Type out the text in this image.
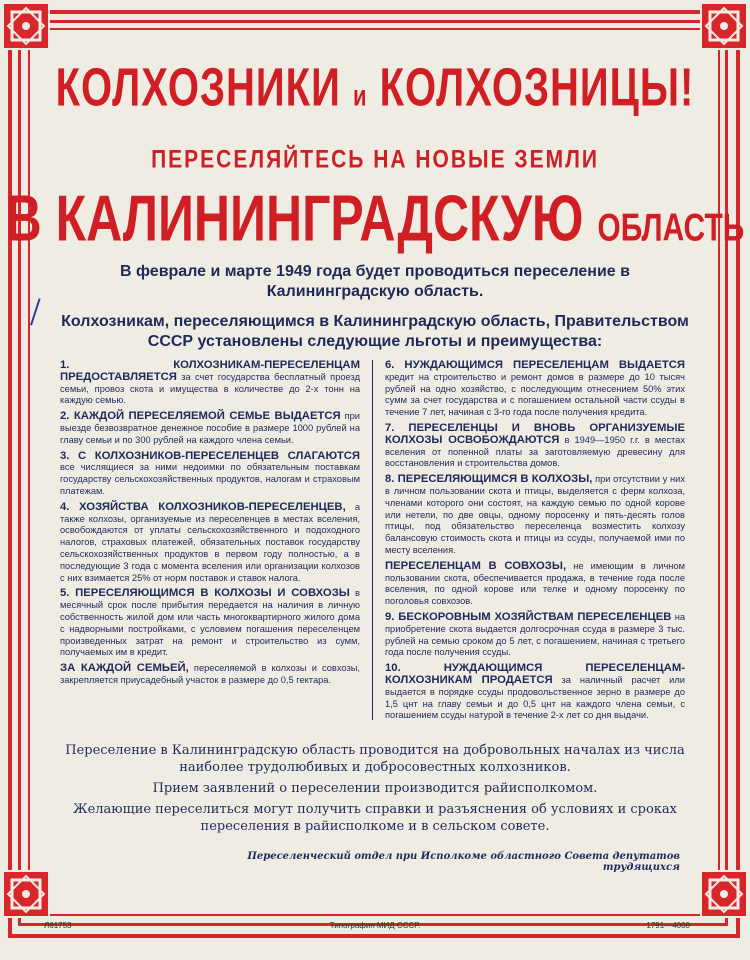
КОЛХОЗНИКИ и КОЛХОЗНИЦЫ!
ПЕРЕСЕЛЯЙТЕСЬ НА НОВЫЕ ЗЕМЛИ
В КАЛИНИНГРАДСКУЮ ОБЛАСТЬ
В феврале и марте 1949 года будет проводиться переселение в Калининградскую область.
Колхозникам, переселяющимся в Калининградскую область, Правительством СССР установлены следующие льготы и преимущества:
1. КОЛХОЗНИКАМ-ПЕРЕСЕЛЕНЦАМ ПРЕДОСТАВЛЯЕТСЯ за счет государства бесплатный проезд семьи, провоз скота и имущества в количестве до 2-х тонн на каждую семью.
2. КАЖДОЙ ПЕРЕСЕЛЯЕМОЙ СЕМЬЕ ВЫДАЕТСЯ при выезде безвозвратное денежное пособие в размере 1000 рублей на главу семьи и по 300 рублей на каждого члена семьи.
3. С КОЛХОЗНИКОВ-ПЕРЕСЕЛЕНЦЕВ СЛАГАЮТСЯ все числящиеся за ними недоимки по обязательным поставкам государству сельскохозяйственных продуктов, налогам и страховым платежам.
4. ХОЗЯЙСТВА КОЛХОЗНИКОВ-ПЕРЕСЕЛЕНЦЕВ, а также колхозы, организуемые из переселенцев в местах вселения, освобождаются от уплаты сельскохозяйственного и подоходного налогов, страховых платежей, обязательных поставок государству сельскохозяйственных продуктов в первом году полностью, а в последующие 3 года с момента вселения или организации колхозов с них взимается 25% от норм поставок и ставок налога.
5. ПЕРЕСЕЛЯЮЩИМСЯ В КОЛХОЗЫ И СОВХОЗЫ в месячный срок после прибытия передается на наличия в личную собственность жилой дом или часть многоквартирного жилого дома с надворными постройками, с условием погашения переселенцем произведенных затрат на ремонт и строительство из сумм, получаемых им в кредит.
ЗА КАЖДОЙ СЕМЬЕЙ, переселяемой в колхозы и совхозы, закрепляется приусадебный участок в размере до 0,5 гектара.
6. НУЖДАЮЩИМСЯ ПЕРЕСЕЛЕНЦАМ ВЫДАЕТСЯ кредит на строительство и ремонт домов в размере до 10 тысяч рублей на одно хозяйство, с последующим отнесением 50% этих сумм за счет государства и с погашением остальной части ссуды в течение 7 лет, начиная с 3-го года после получения кредита.
7. ПЕРЕСЕЛЕНЦЫ И ВНОВЬ ОРГАНИЗУЕМЫЕ КОЛХОЗЫ ОСВОБОЖДАЮТСЯ в 1949—1950 г.г. в местах вселения от попенной платы за заготовляемую древесину для восстановления и строительства домов.
8. ПЕРЕСЕЛЯЮЩИМСЯ В КОЛХОЗЫ, при отсутствии у них в личном пользовании скота и птицы, выделяется с ферм колхоза, членами которого они состоят, на каждую семью по одной корове или нетели, по две овцы, одному поросенку и пять-десять голов птицы, под обязательство переселенца возместить колхозу балансовую стоимость скота и птицы из ссуды, получаемой ими по месту вселения.
ПЕРЕСЕЛЕНЦАМ В СОВХОЗЫ, не имеющим в личном пользовании скота, обеспечивается продажа, в течение года после вселения, по одной корове или телке и одному поросенку по поголовья совхозов.
9. БЕСКОРОВНЫМ ХОЗЯЙСТВАМ ПЕРЕСЕЛЕНЦЕВ на приобретение скота выдается долгосрочная ссуда в размере 3 тыс. рублей на семью сроком до 5 лет, с погашением, начиная с третьего года после получения ссуды.
10. НУЖДАЮЩИМСЯ ПЕРЕСЕЛЕНЦАМ-КОЛХОЗНИКАМ ПРОДАЕТСЯ за наличный расчет или выдается в порядке ссуды продовольственное зерно в размере до 1,5 цнт на главу семьи и до 0,5 цнт на каждого члена семьи, с погашением ссуды натурой в течение 2-х лет со дня выдачи.

Переселение в Калининградскую область проводится на добровольных началах из числа наиболее трудолюбивых и добросовестных колхозников.

Прием заявлений о переселении производится райисполкомом.

Желающие переселиться могут получить справки и разъяснения об условиях и сроках переселения в райисполкоме и в сельском совете.

Переселенческий отдел при Исполкоме областного Совета депутатов трудящихся
Л61753	Типография МИД СССР.	1791—4000
